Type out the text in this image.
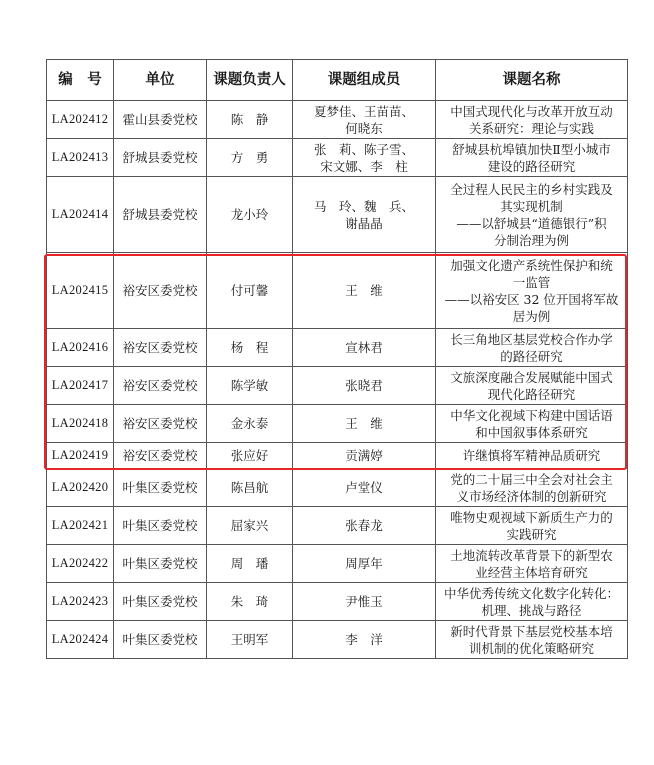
编　号	单位	课题负责人	课题组成员	课题名称
LA202412	霍山县委党校	陈　静	夏梦佳、王苗苗、
何晓东	中国式现代化与改革开放互动
关系研究：理论与实践
LA202413	舒城县委党校	方　勇	张　莉、陈子雪、
宋文娜、李　柱	舒城县杭埠镇加快Ⅱ型小城市
建设的路径研究
LA202414	舒城县委党校	龙小玲	马　玲、魏　兵、
谢晶晶	全过程人民民主的乡村实践及
其实现机制
——以舒城县“道德银行”积
分制治理为例
LA202415	裕安区委党校	付可馨	王　维	加强文化遗产系统性保护和统
一监管
——以裕安区 32 位开国将军故
居为例
LA202416	裕安区委党校	杨　程	宣林君	长三角地区基层党校合作办学
的路径研究
LA202417	裕安区委党校	陈学敏	张晓君	文旅深度融合发展赋能中国式
现代化路径研究
LA202418	裕安区委党校	金永泰	王　维	中华文化视域下构建中国话语
和中国叙事体系研究
LA202419	裕安区委党校	张应好	贡满婷	许继慎将军精神品质研究
LA202420	叶集区委党校	陈昌航	卢堂仪	党的二十届三中全会对社会主
义市场经济体制的创新研究
LA202421	叶集区委党校	屈家兴	张春龙	唯物史观视域下新质生产力的
实践研究
LA202422	叶集区委党校	周　璠	周厚年	土地流转改革背景下的新型农
业经营主体培育研究
LA202423	叶集区委党校	朱　琦	尹惟玉	中华优秀传统文化数字化转化：
机理、挑战与路径
LA202424	叶集区委党校	王明军	李　洋	新时代背景下基层党校基本培
训机制的优化策略研究
